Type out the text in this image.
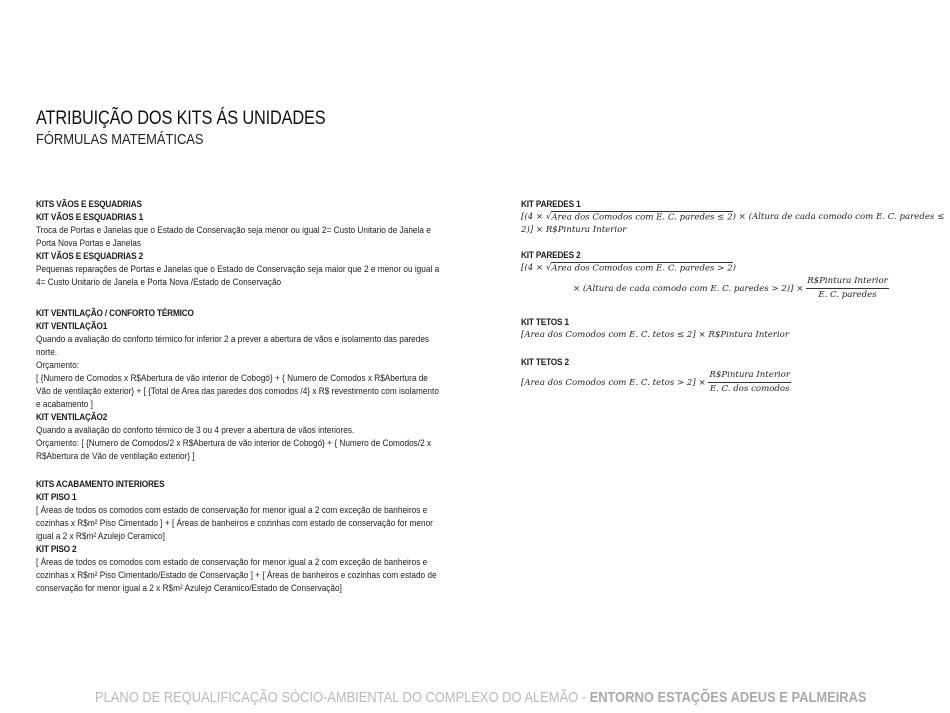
ATRIBUIÇÃO DOS KITS ÁS UNIDADES
FÓRMULAS MATEMÁTICAS
KITS VÃOS E ESQUADRIAS
KIT VÃOS E ESQUADRIAS 1

Troca de Portas e Janelas que o Estado de Conservação seja menor ou igual 2= Custo Unitario de Janela e Porta Nova Portas e Janelas

KIT VÃOS E ESQUADRIAS 2

Pequenas reparações de Portas e Janelas que o Estado de Conservação seja maior que 2 e menor ou igual a 4= Custo Unitario de Janela e Porta Nova /Estado de Conservação

KIT VENTILAÇÃO / CONFORTO TÉRMICO
KIT VENTILAÇÃO1

Quando a avaliação do conforto térmico for inferior 2 a prever a abertura de vãos e isolamento das paredes norte.

Orçamento:

[ {Numero de Comodos x R$Abertura de vão interior de Cobogó} + { Numero de Comodos x R$Abertura de Vão de ventilação exterior} + [ {Total de Area das paredes dos comodos /4} x R$ revestimento com isolamento e acabamento ]

KIT VENTILAÇÃO2

Quando a avaliação do conforto térmico de 3 ou 4 prever a abertura de vãos interiores.

Orçamento: [ {Numero de Comodos/2 x R$Abertura de vão interior de Cobogó} + { Numero de Comodos/2 x R$Abertura de Vão de ventilação exterior} ]

KITS ACABAMENTO INTERIORES
KIT PISO 1

[ Áreas de todos os comodos com estado de conservação for menor igual a 2 com exceção de banheiros e cozinhas x R$m² Piso Cimentado ] + [ Áreas de banheiros e cozinhas com estado de conservação for menor igual a 2 x R$m² Azulejo Ceramico]

KIT PISO 2

[ Áreas de todos os comodos com estado de conservação for menor igual a 2 com exceção de banheiros e cozinhas x R$m² Piso Cimentado/Estado de Conservação ] + [ Áreas de banheiros e cozinhas com estado de conservação for menor igual a 2 x R$m² Azulejo Ceramico/Estado de Conservação]

KIT PAREDES 1
[(4 × √Area dos Comodos com E. C. paredes ≤ 2) × (Altura de cada comodo com E. C. paredes ≤
2)] × R$Pintura Interior
KIT PAREDES 2
[(4 × √Area dos Comodos com E. C. paredes > 2)
× (Altura de cada comodo com E. C. paredes > $2)] \times \frac{\text{R\$Pintura Interior}}{\text{E. C. paredes}}$
KIT TETOS 1
[Area dos Comodos com E. C. tetos ≤ 2] × R$Pintura Interior
KIT TETOS 2
[Area dos Comodos com E. C. tetos > $2] \times \frac{\text{R\$Pintura Interior}}{\text{E. C. dos comodos}}$
PLANO DE REQUALIFICAÇÃO SÓCIO-AMBIENTAL DO COMPLEXO DO ALEMÃO - ENTORNO ESTAÇÕES ADEUS E PALMEIRAS
